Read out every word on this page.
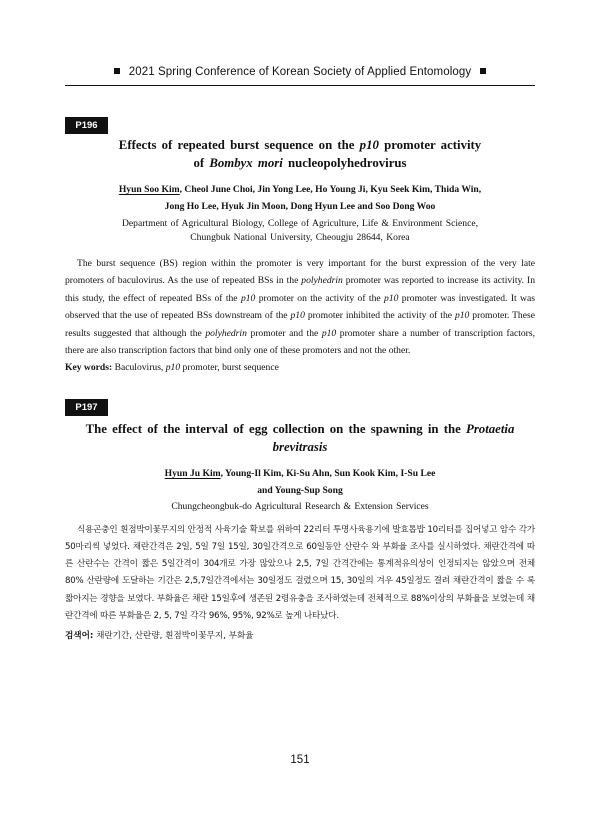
2021 Spring Conference of Korean Society of Applied Entomology
P196
Effects of repeated burst sequence on the p10 promoter activity
of Bombyx mori nucleopolyhedrovirus
Hyun Soo Kim, Cheol June Choi, Jin Yong Lee, Ho Young Ji, Kyu Seek Kim, Thida Win,
Jong Ho Lee, Hyuk Jin Moon, Dong Hyun Lee and Soo Dong Woo
Department of Agricultural Biology, College of Agriculture, Life & Environment Science,
Chungbuk National University, Cheougju 28644, Korea
The burst sequence (BS) region within the promoter is very important for the burst expression of the very late promoters of baculovirus. As the use of repeated BSs in the polyhedrin promoter was reported to increase its activity. In this study, the effect of repeated BSs of the p10 promoter on the activity of the p10 promoter was investigated. It was observed that the use of repeated BSs downstream of the p10 promoter inhibited the activity of the p10 promoter. These results suggested that although the polyhedrin promoter and the p10 promoter share a number of transcription factors, there are also transcription factors that bind only one of these promoters and not the other.
Key words: Baculovirus, p10 promoter, burst sequence
P197
The effect of the interval of egg collection on the spawning in the Protaetia brevitrasis
Hyun Ju Kim, Young-Il Kim, Ki-Su Ahn, Sun Kook Kim, I-Su Lee
and Young-Sup Song
Chungcheongbuk-do Agricultural Research & Extension Services
식용곤충인 흰점박이꽃무지의 안정적 사육기술 확보를 위하여 22리터 투명사육용기에 발효톱밥 10리터를 집어넣고 암수 각가 50마리씩 넣었다. 채란간격은 2일, 5일 7일 15일, 30일간격으로 60일동안 산란수 와 부화율 조사를 실시하였다. 채란간격에 따른 산란수는 간격이 짧은 5일간격이 304개로 가장 많았으나 2,5, 7일 간격간에는 통계적유의성이 인정되지는 않았으며 전체 80% 산란량에 도달하는 기간은 2,5,7일간격에서는 30일정도 걸렸으며 15, 30일의 겨우 45일정도 결려 채란간격이 짧을 수 록 짧아지는 경향을 보였다. 부화율은 채란 15일후에 생존된 2령유충을 조사하였는데 전체적으로 88%이상의 부화율을 보였는데 채란간격에 따른 부화율은 2, 5, 7일 각각 96%, 95%, 92%로 높게 나타났다.
검색어: 채란기간, 산란량, 흰점박이꽃무지, 부화율
151
